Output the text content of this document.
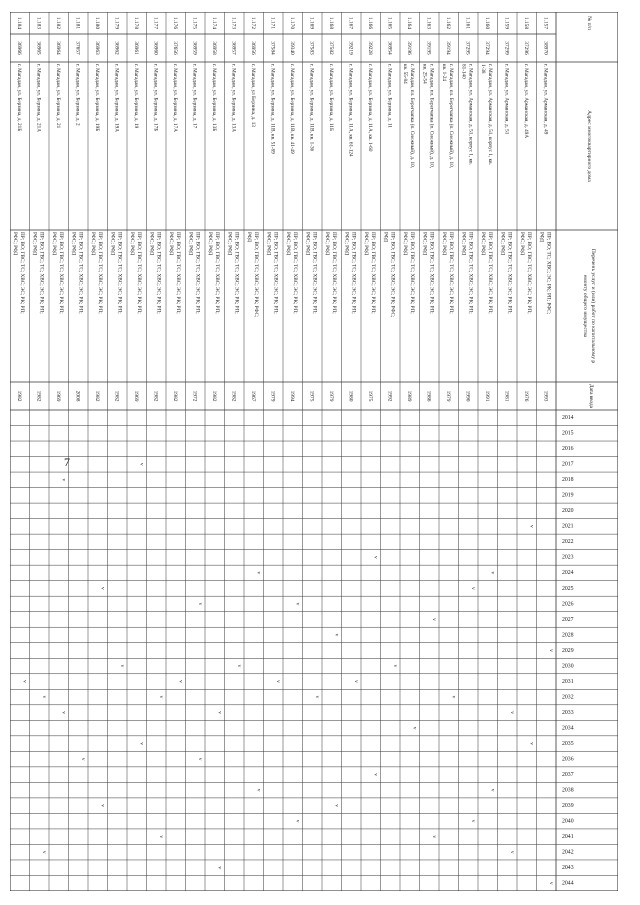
7
№ п/п
Адрес многоквартирного дома
Перечень услуг и (или) работ по капитальному р
емонту общего имущества
Дата ввода
2014
2015
2016
2017
2018
2019
2020
2021
2022
2023
2024
2025
2026
2027
2028
2029
2030
2031
2032
2033
2034
2035
2036
2037
2038
2039
2040
2041
2042
2043
2044
1.157
38970
г. Магадан, ул. Арманская, д. 49
ПР; ВО; ТС; ХВС; ЭС; РК; РП; РФС;
РФД
1993
v
v
1.158
37296
г. Магадан, ул. Арманская, д. 49А
ПР; ВО; ГВС; ТС; ХВС; ЭС; РК; РП;
РФС; РФД
1976
v
v
1.159
37299
г. Магадан, ул. Арманская, д. 51
ПР; ВО; ГВС; ТС; ХВС; ЭС; РК; РП;
РФС; РФД
1981
v
v
1.160
37294
г. Магадан, ул. Арманская, д. 51, корпус 1, кв.
1-38
ПР; ВО; ГВС; ТС; ХВС; ЭС; РК; РП;
РФС; РФД
1991
v
v
1.161
37295
г. Магадан, ул. Арманская, д. 51, корпус 1, кв.
81-140
ПР; ВО; ГВС; ТС; ХВС; ЭС; РК; РП;
РФС; РФД
1990
v
v
1.162
39194
г. Магадан, пл. Берегчапка (п. Снежный), д. 10,
кв. 1-24
ПР; ВО; ГВС; ТС; ХВС; ЭС; РК; РП;
РФС; РФД
1979
v
1.163
39195
г. Магадан, пл. Берегчапка (п. Снежный), д. 10,
кв. 25-54
ПР; ВО; ГВС; ТС; ХВС; ЭС; РК; РП;
РФС; РФД
1986
v
v
1.164
39196
г. Магадан, пл. Берегчапка (п. Снежный), д. 10,
кв. 55-84
ПР; ВО; ГВС; ТС; ХВС; ЭС; РК; РП;
РФС; РФД
1989
v
1.165
36954
г. Магадан, ул. Берзина, д. 11
ПР; ВО; ГВС; ТС; ХВС; ЭС; РК; РФС;
РФД
1992
v
1.166
39228
г. Магадан, ул. Берзина, д. 11А, кв. 1-60
ПР; ВО; ГВС; ТС; ХВС; ЭС; РК; РП;
РФС; РФД
1975
v
v
1.167
39219
г. Магадан, ул. Берзина, д. 11А, кв. 61-124
ПР; ВО; ГВС; ТС; ХВС; ЭС; РК; РП;
РФС; РФД
1980
v
1.168
37582
г. Магадан, ул. Берзина, д. 11Б
ПР; ВО; ГВС; ТС; ХВС; ЭС; РК; РП;
РФС; РФД
1979
v
v
1.169
37583
г. Магадан, ул. Берзина, д. 11В, кв. 1-36
ПР; ВО; ГВС; ТС; ХВС; ЭС; РК; РП;
РФС; РФД
1975
v
1.170
39340
г. Магадан, ул. Берзина, д. 11В, кв. 41-49
ПР; ВО; ГВС; ТС; ХВС; ЭС; РК; РП;
РФС; РФД
1994
v
v
1.171
37584
г. Магадан, ул. Берзина, д. 11В, кв. 51-89
ПР; ВО; ГВС; ТС; ХВС; ЭС; РК; РП;
РФС; РФД
1979
v
1.172
36956
г. Магадан, ул Берзина, д. 13
ПР; ВО; ГВС; ТС; ХВС; ЭС; РК; РФС;
РФД
1967
v
v
1.173
36957
г. Магадан, ул. Берзина, д. 13А
ПР; ВО; ГВС; ТС; ХВС; ЭС; РК; РП;
РФС; РФД
1982
v
1.174
36958
г. Магадан, ул. Берзина, д. 13Б
ПР; ВО; ГВС; ТС; ХВС; ЭС; РК; РП;
РФС; РФД
1982
v
v
1.175
36959
г. Магадан, ул. Берзина, д. 17
ПР; ВО; ГВС; ТС; ХВС; ЭС; РК; РП;
РФС; РФД
1972
v
v
1.176
37656
г. Магадан, ул. Берзина, д. 17А
ПР; ВО; ГВС; ТС; ХВС; ЭС; РК; РП;
РФС; РФД
1982
v
1.177
36960
г. Магадан, ул. Берзина, д. 17Б
ПР; ВО; ГВС; ТС; ХВС; ЭС; РК; РП;
РФС; РФД
1982
v
v
1.178
36961
г. Магадан, ул. Берзина, д. 19
ПР; ВО; ГВС; ТС; ХВС; ЭС; РК; РП;
РФС; РФД
1969
v
v
1.179
36962
г. Магадан, ул. Берзина, д. 19А
ПР; ВО; ГВС; ТС; ХВС; ЭС; РК; РП;
РФС; РФД
1982
v
1.180
36963
г. Магадан, ул. Берзина, д. 19Б
ПР; ВО; ГВС; ТС; ХВС; ЭС; РК; РП;
РФС; РФД
1982
v
v
1.181
37657
г. Магадан, ул. Берзина, д. 2
ПР; ВО; ГВС; ТС; ХВС; ЭС; РК; РП;
РФС; РФД
2008
v
1.182
36964
г. Магадан, ул. Берзина, д. 21
ПР; ВО; ГВС; ТС; ХВС; ЭС; РК; РП;
РФС; РФД
1969
v
v
1.183
36965
г. Магадан, ул. Берзина, д. 21А
ПР; ВО; ГВС; ТС; ХВС; ЭС; РК; РП;
РФС; РФД
1982
v
v
1.184
36966
г. Магадан, ул. Берзина, д. 21Б
ПР; ВО; ГВС; ТС; ХВС; ЭС; РК; РП;
РФС; РФД
1982
v
